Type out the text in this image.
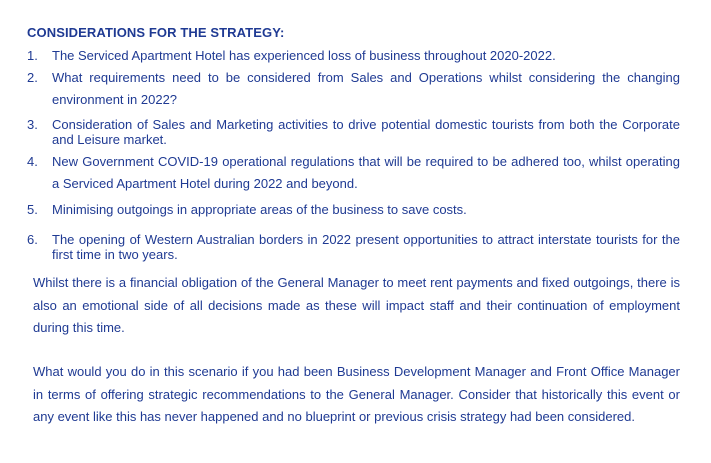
CONSIDERATIONS FOR THE STRATEGY:
1.	The Serviced Apartment Hotel has experienced loss of business throughout 2020-2022.
2.	What requirements need to be considered from Sales and Operations whilst considering the changing environment in 2022?
3.	Consideration of Sales and Marketing activities to drive potential domestic tourists from both the Corporate and Leisure market.
4.	New Government COVID-19 operational regulations that will be required to be adhered too, whilst operating a Serviced Apartment Hotel during 2022 and beyond.
5.	Minimising outgoings in appropriate areas of the business to save costs.
6.	The opening of Western Australian borders in 2022 present opportunities to attract interstate tourists for the first time in two years.

Whilst there is a financial obligation of the General Manager to meet rent payments and fixed outgoings, there is also an emotional side of all decisions made as these will impact staff and their continuation of employment during this time.

What would you do in this scenario if you had been Business Development Manager and Front Office Manager in terms of offering strategic recommendations to the General Manager. Consider that historically this event or any event like this has never happened and no blueprint or previous crisis strategy had been considered.
